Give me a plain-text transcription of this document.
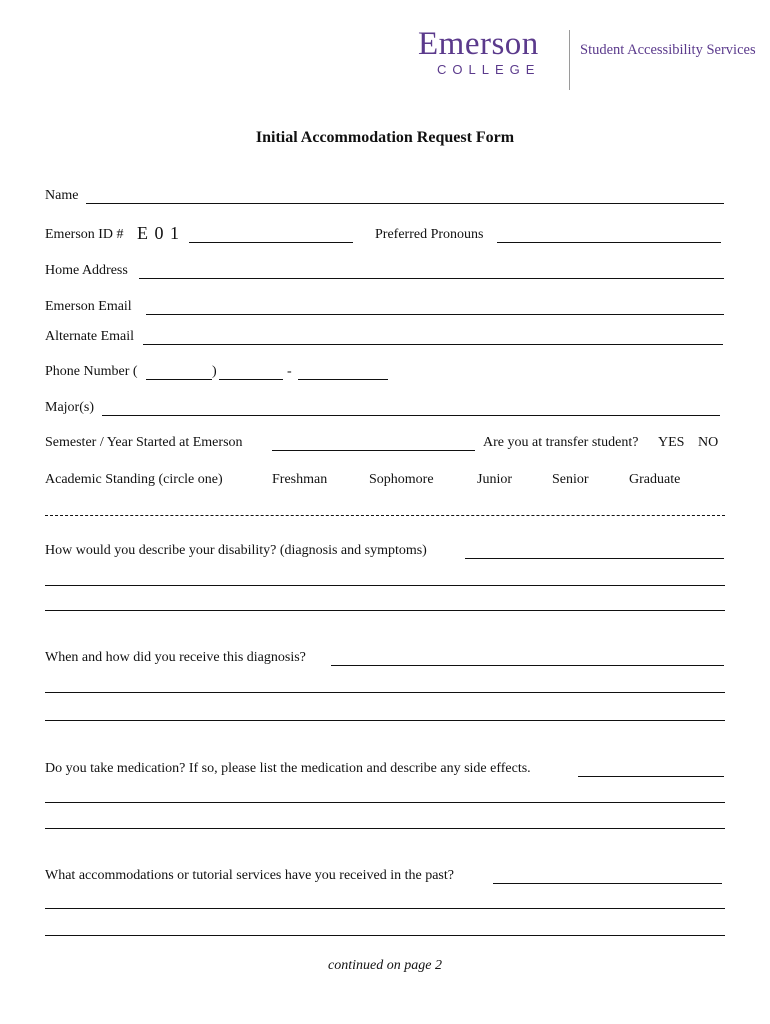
Emerson
COLLEGE
Student Accessibility Services
Initial Accommodation Request Form
Name
Emerson ID # E 0 1	Preferred Pronouns
Home Address
Emerson Email
Alternate Email
Phone Number (	)	-
Major(s)
Semester / Year Started at Emerson	Are you at transfer student? YES NO
Academic Standing (circle one)	Freshman	Sophomore	Junior	Senior	Graduate
How would you describe your disability? (diagnosis and symptoms)
When and how did you receive this diagnosis?
Do you take medication? If so, please list the medication and describe any side effects.
What accommodations or tutorial services have you received in the past?
continued on page 2
